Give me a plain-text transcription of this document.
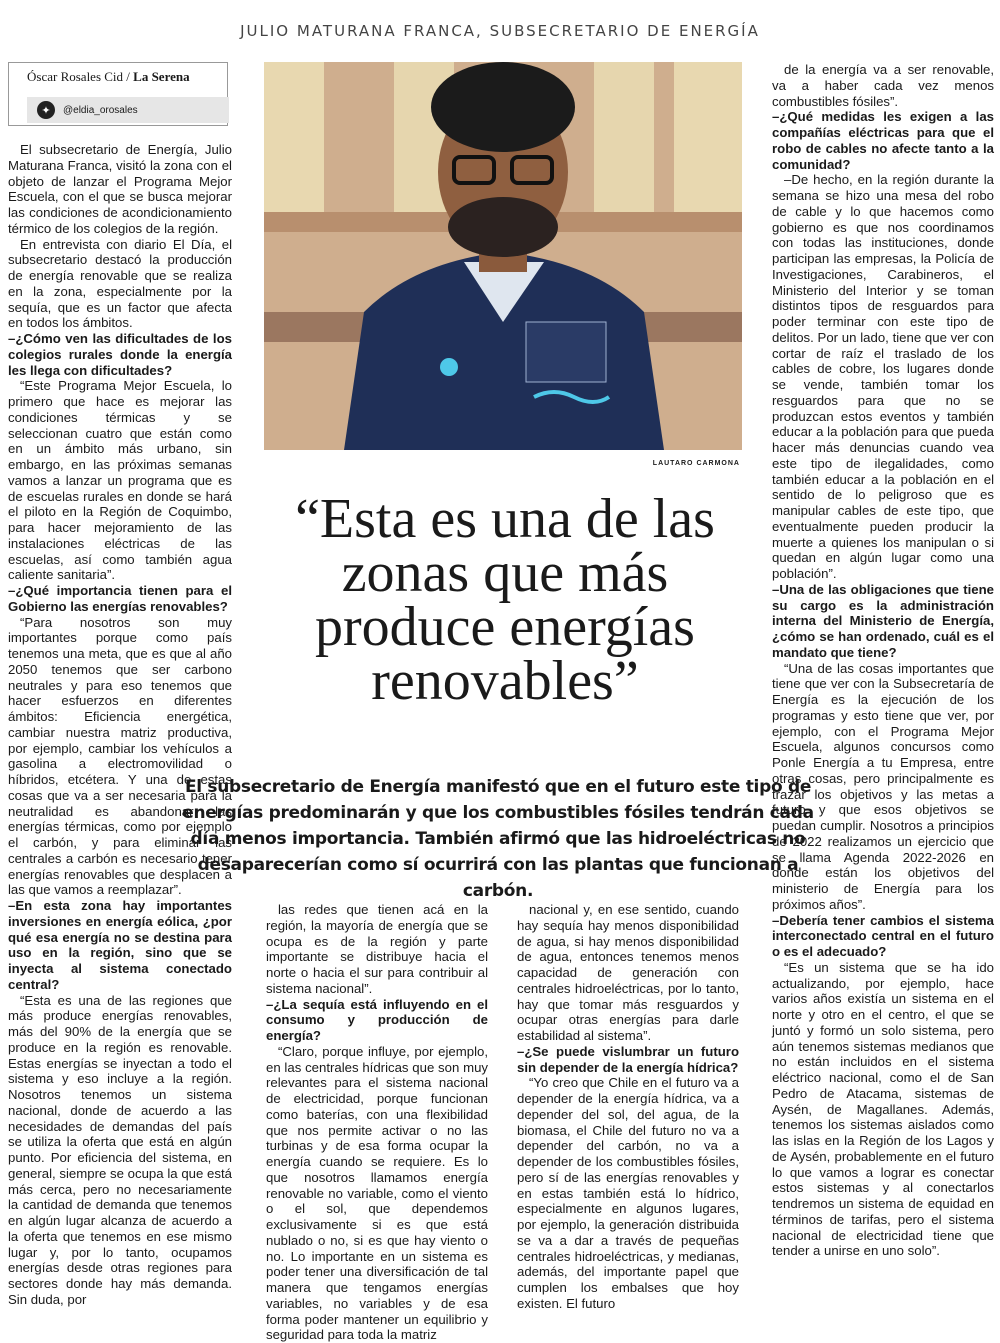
JULIO MATURANA FRANCA, SUBSECRETARIO DE ENERGÍA
Óscar Rosales Cid / La Serena
✦	@eldia_orosales

El subsecretario de Energía, Julio Maturana Franca, visitó la zona con el objeto de lanzar el Programa Mejor Escuela, con el que se busca mejorar las condiciones de acondicionamiento térmico de los colegios de la región.

En entrevista con diario El Día, el subsecretario destacó la producción de energía renovable que se realiza en la zona, especialmente por la sequía, que es un factor que afecta en todos los ámbitos.

–¿Cómo ven las dificultades de los colegios rurales donde la energía les llega con dificultades?

“Este Programa Mejor Escuela, lo primero que hace es mejorar las condiciones térmicas y se seleccionan cuatro que están como en un ámbito más urbano, sin embargo, en las próximas semanas vamos a lanzar un programa que es de escuelas rurales en donde se hará el piloto en la Región de Coquimbo, para hacer mejoramiento de las instalaciones eléctricas de las escuelas, así como también agua caliente sanitaria”.

–¿Qué importancia tienen para el Gobierno las energías renovables?

“Para nosotros son muy importantes porque como país tenemos una meta, que es que al año 2050 tenemos que ser carbono neutrales y para eso tenemos que hacer esfuerzos en diferentes ámbitos: Eficiencia energética, cambiar nuestra matriz productiva, por ejemplo, cambiar los vehículos a gasolina a electromovilidad o híbridos, etcétera. Y una de estas cosas que va a ser necesaria para la neutralidad es abandonar las energías térmicas, como por ejemplo el carbón, y para eliminar las centrales a carbón es necesario tener energías renovables que desplacen a las que vamos a reemplazar”.

–En esta zona hay importantes inversiones en energía eólica, ¿por qué esa energía no se destina para uso en la región, sino que se inyecta al sistema conectado central?

“Esta es una de las regiones que más produce energías renovables, más del 90% de la energía que se produce en la región es renovable. Estas energías se inyectan a todo el sistema y eso incluye a la región. Nosotros tenemos un sistema nacional, donde de acuerdo a las necesidades de demandas del país se utiliza la oferta que está en algún punto. Por eficiencia del sistema, en general, siempre se ocupa la que está más cerca, pero no necesariamente la cantidad de demanda que tenemos en algún lugar alcanza de acuerdo a la oferta que tenemos en ese mismo lugar y, por lo tanto, ocupamos energías desde otras regiones para sectores donde hay más demanda. Sin duda, por

LAUTARO CARMONA
“Esta es una de las zonas que más produce energías renovables”
El subsecretario de Energía manifestó que en el futuro este tipo de energías predominarán y que los combustibles fósiles tendrán cada día menos importancia. También afirmó que las hidroeléctricas no desaparecerían como sí ocurrirá con las plantas que funcionan a carbón.

las redes que tienen acá en la región, la mayoría de energía que se ocupa es de la región y parte importante se distribuye hacia el norte o hacia el sur para contribuir al sistema nacional”.

–¿La sequía está influyendo en el consumo y producción de energía?

“Claro, porque influye, por ejemplo, en las centrales hídricas que son muy relevantes para el sistema nacional de electricidad, porque funcionan como baterías, con una flexibilidad que nos permite activar o no las turbinas y de esa forma ocupar la energía cuando se requiere. Es lo que nosotros llamamos energía renovable no variable, como el viento o el sol, que dependemos exclusivamente si es que está nublado o no, si es que hay viento o no. Lo importante en un sistema es poder tener una diversificación de tal manera que tengamos energías variables, no variables y de esa forma poder mantener un equilibrio y seguridad para toda la matriz

nacional y, en ese sentido, cuando hay sequía hay menos disponibilidad de agua, si hay menos disponibilidad de agua, entonces tenemos menos capacidad de generación con centrales hidroeléctricas, por lo tanto, hay que tomar más resguardos y ocupar otras energías para darle estabilidad al sistema”.

–¿Se puede vislumbrar un futuro sin depender de la energía hídrica?

“Yo creo que Chile en el futuro va a depender de la energía hídrica, va a depender del sol, del agua, de la biomasa, el Chile del futuro no va a depender del carbón, no va a depender de los combustibles fósiles, pero sí de las energías renovables y en estas también está lo hídrico, especialmente en algunos lugares, por ejemplo, la generación distribuida se va a dar a través de pequeñas centrales hidroeléctricas, y medianas, además, del importante papel que cumplen los embalses que hoy existen. El futuro

de la energía va a ser renovable, va a haber cada vez menos combustibles fósiles”.

–¿Qué medidas les exigen a las compañías eléctricas para que el robo de cables no afecte tanto a la comunidad?

–De hecho, en la región durante la semana se hizo una mesa del robo de cable y lo que hacemos como gobierno es que nos coordinamos con todas las instituciones, donde participan las empresas, la Policía de Investigaciones, Carabineros, el Ministerio del Interior y se toman distintos tipos de resguardos para poder terminar con este tipo de delitos. Por un lado, tiene que ver con cortar de raíz el traslado de los cables de cobre, los lugares donde se vende, también tomar los resguardos para que no se produzcan estos eventos y también educar a la población para que pueda hacer más denuncias cuando vea este tipo de ilegalidades, como también educar a la población en el sentido de lo peligroso que es manipular cables de este tipo, que eventualmente pueden producir la muerte a quienes los manipulan o si quedan en algún lugar como una población”.

–Una de las obligaciones que tiene su cargo es la administración interna del Ministerio de Energía, ¿cómo se han ordenado, cuál es el mandato que tiene?

“Una de las cosas importantes que tiene que ver con la Subsecretaría de Energía es la ejecución de los programas y esto tiene que ver, por ejemplo, con el Programa Mejor Escuela, algunos concursos como Ponle Energía a tu Empresa, entre otras cosas, pero principalmente es trazar los objetivos y las metas a futuro y que esos objetivos se puedan cumplir. Nosotros a principios de 2022 realizamos un ejercicio que se llama Agenda 2022-2026 en donde están los objetivos del ministerio de Energía para los próximos años”.

–Debería tener cambios el sistema interconectado central en el futuro o es el adecuado?

“Es un sistema que se ha ido actualizando, por ejemplo, hace varios años existía un sistema en el norte y otro en el centro, el que se juntó y formó un solo sistema, pero aún tenemos sistemas medianos que no están incluidos en el sistema eléctrico nacional, como el de San Pedro de Atacama, sistemas de Aysén, de Magallanes. Además, tenemos los sistemas aislados como las islas en la Región de los Lagos y de Aysén, probablemente en el futuro lo que vamos a lograr es conectar estos sistemas y al conectarlos tendremos un sistema de equidad en términos de tarifas, pero el sistema nacional de electricidad tiene que tender a unirse en uno solo”.
